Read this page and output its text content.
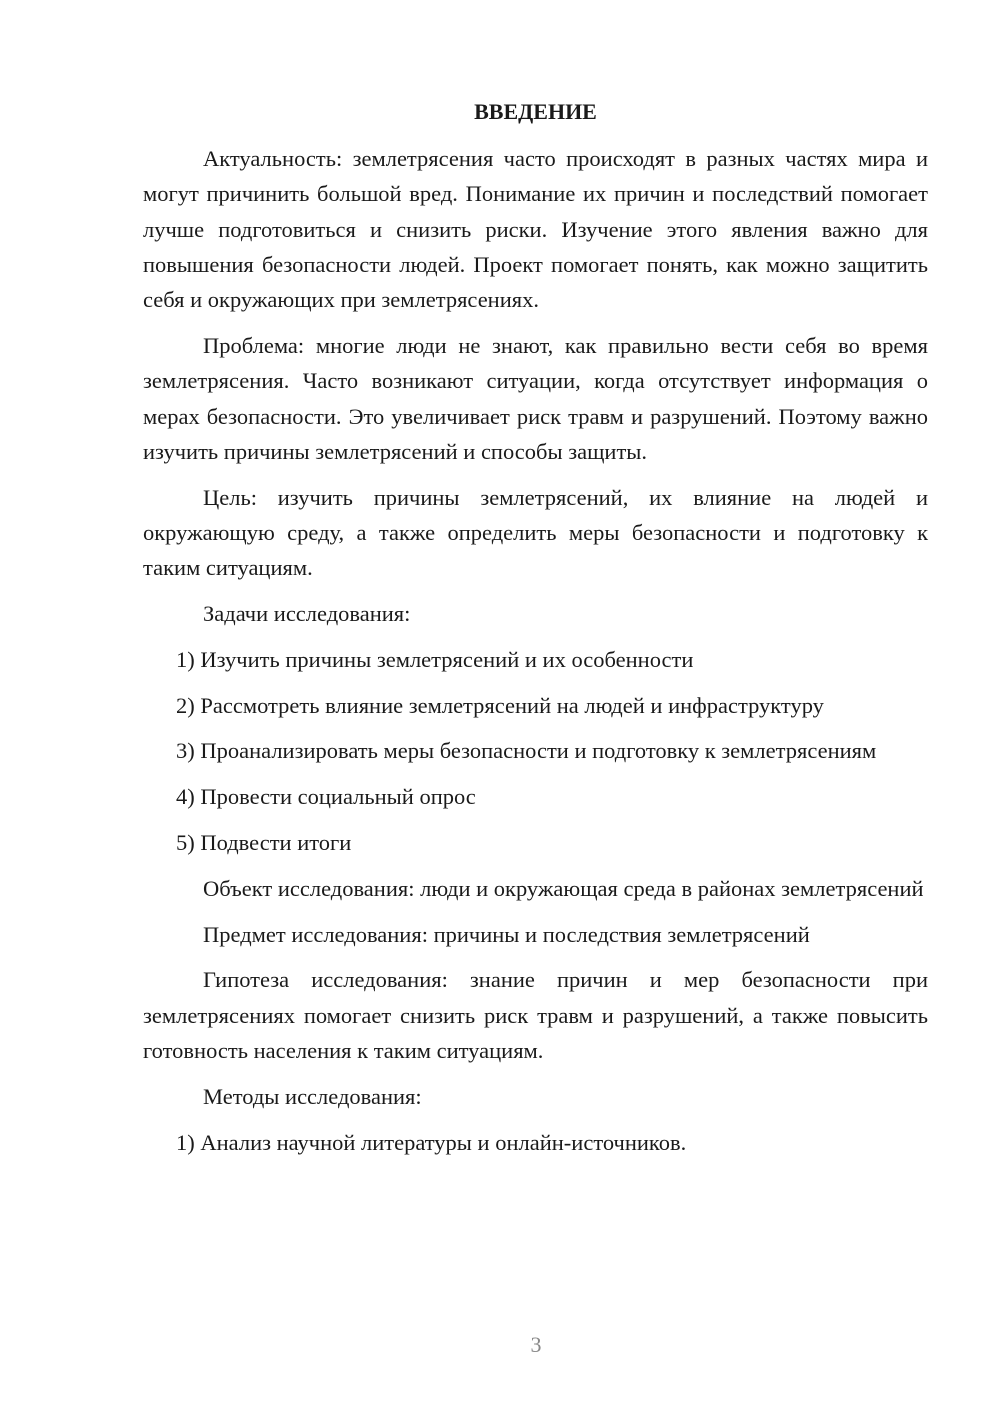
ВВЕДЕНИЕ
Актуальность: землетрясения часто происходят в разных частях мира и могут причинить большой вред. Понимание их причин и последствий помогает лучше подготовиться и снизить риски. Изучение этого явления важно для повышения безопасности людей. Проект помогает понять, как можно защитить себя и окружающих при землетрясениях.
Проблема: многие люди не знают, как правильно вести себя во время землетрясения. Часто возникают ситуации, когда отсутствует информация о мерах безопасности. Это увеличивает риск травм и разрушений. Поэтому важно изучить причины землетрясений и способы защиты.
Цель: изучить причины землетрясений, их влияние на людей и окружающую среду, а также определить меры безопасности и подготовку к таким ситуациям.
Задачи исследования:
1) Изучить причины землетрясений и их особенности
2) Рассмотреть влияние землетрясений на людей и инфраструктуру
3) Проанализировать меры безопасности и подготовку к землетрясениям
4) Провести социальный опрос
5) Подвести итоги
Объект исследования: люди и окружающая среда в районах землетрясений
Предмет исследования: причины и последствия землетрясений
Гипотеза исследования: знание причин и мер безопасности при землетрясениях помогает снизить риск травм и разрушений, а также повысить готовность населения к таким ситуациям.
Методы исследования:
1) Анализ научной литературы и онлайн-источников.
3
